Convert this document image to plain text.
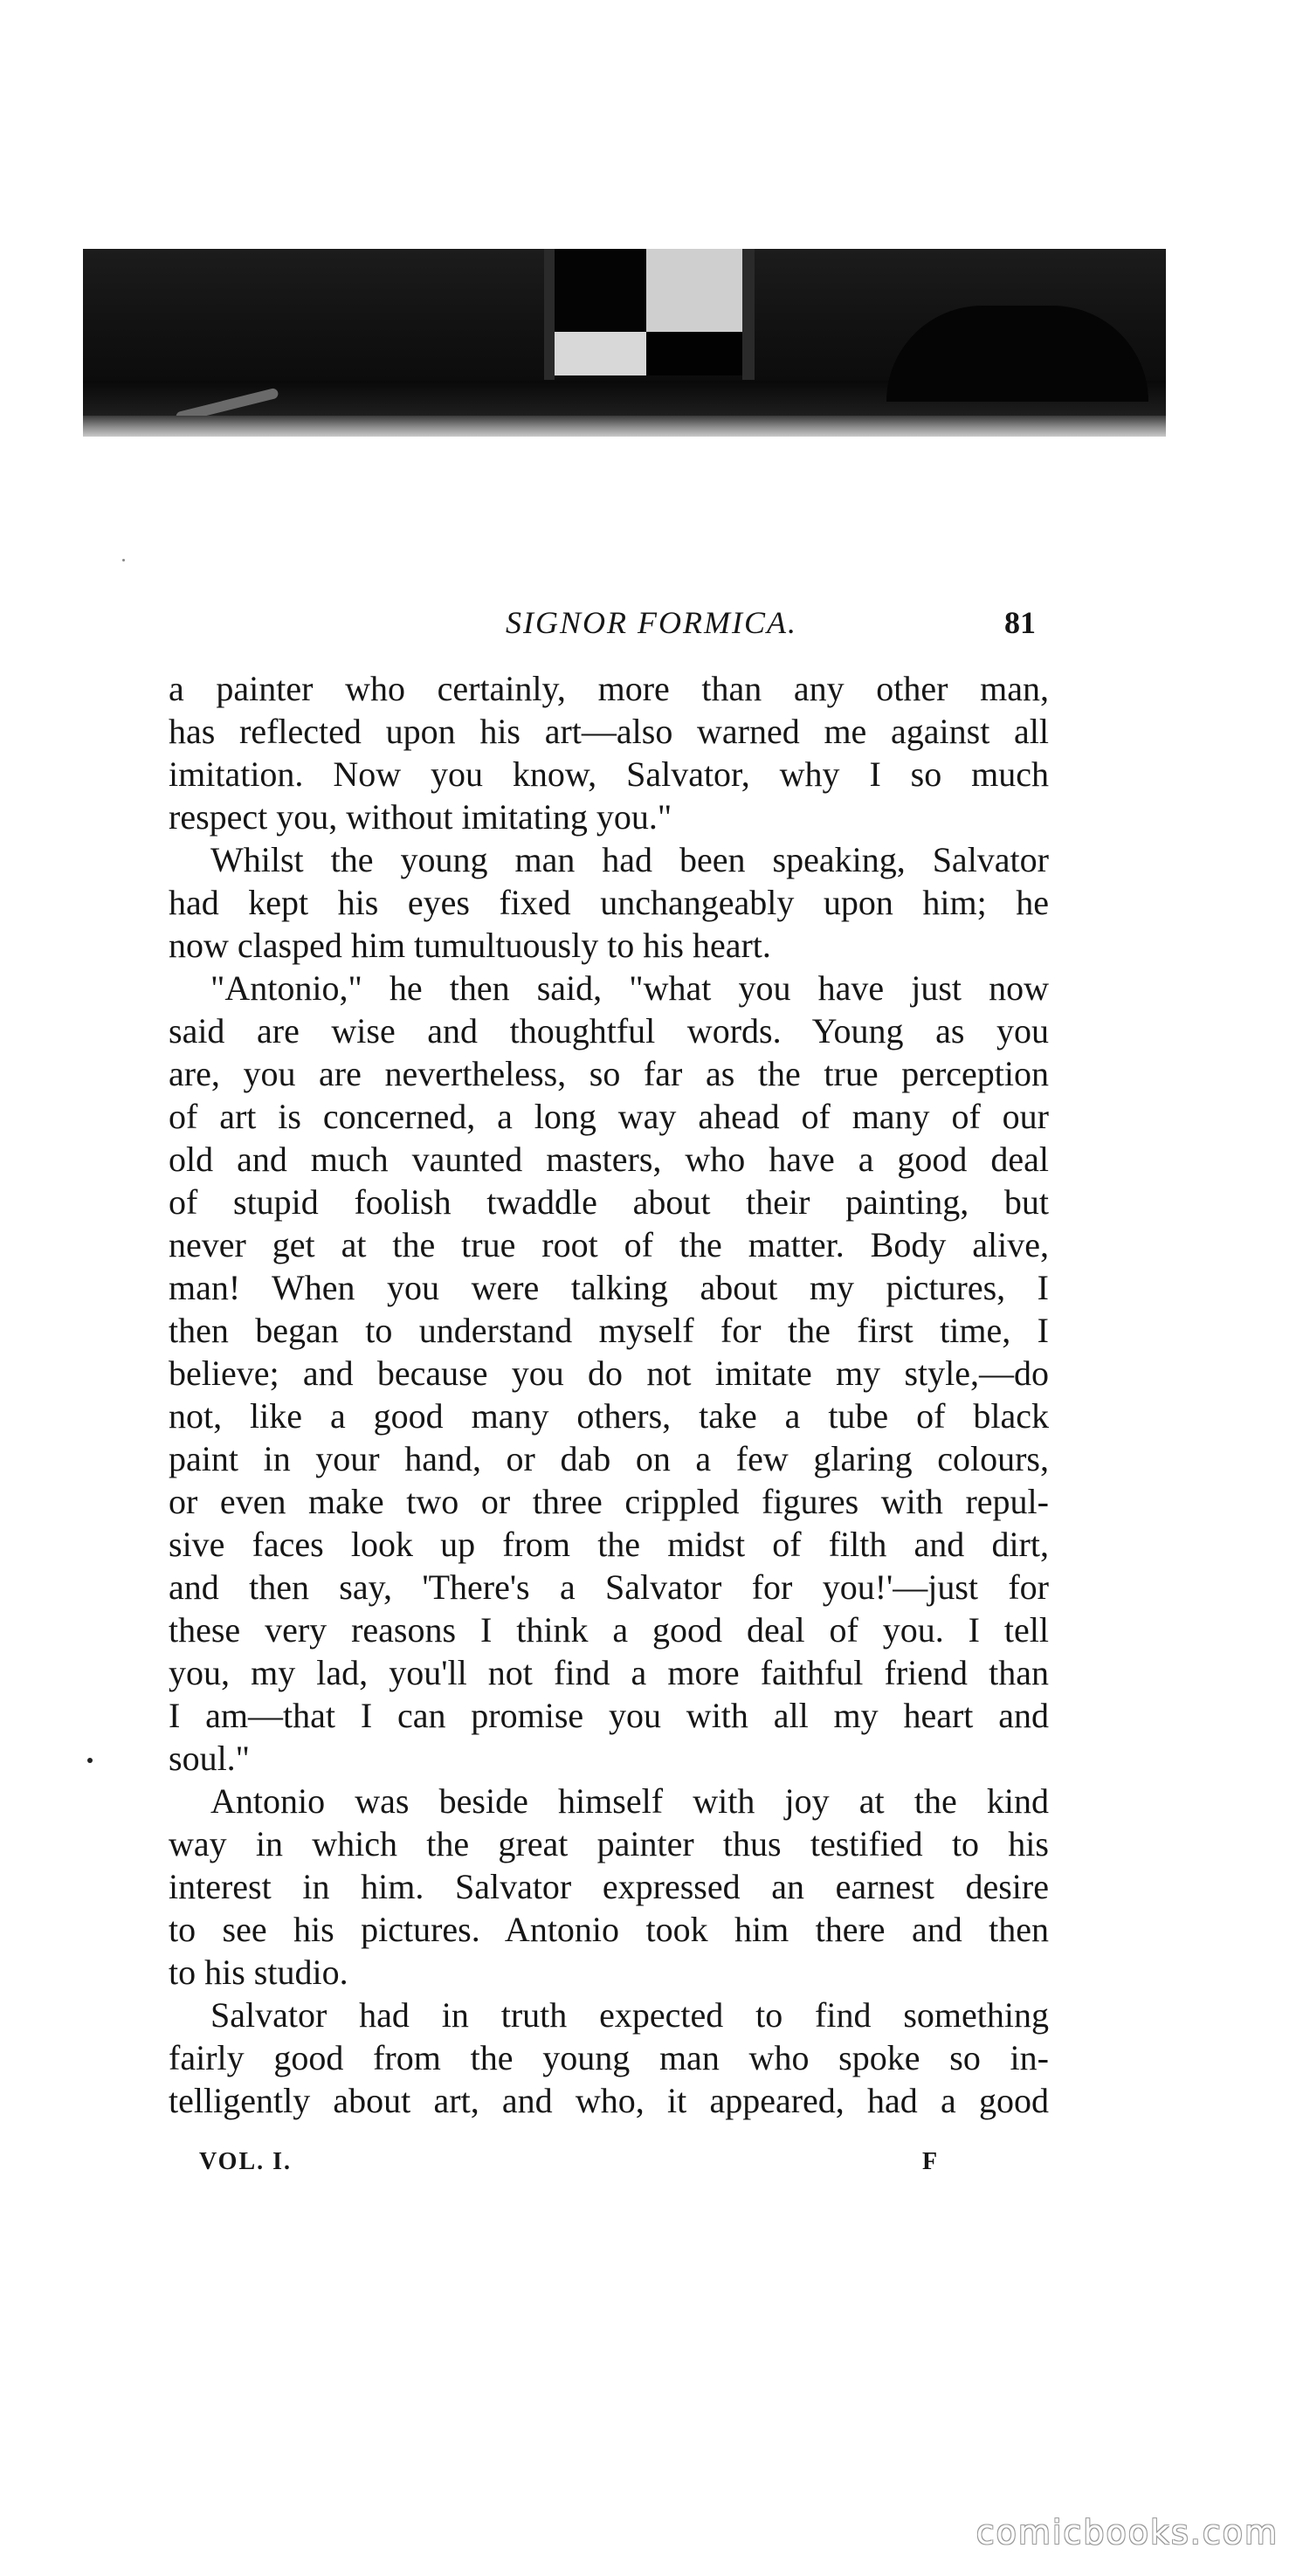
SIGNOR FORMICA.	81
a painter who certainly, more than any other man,
has reflected upon his art—also warned me against all
imitation. Now you know, Salvator, why I so much
respect you, without imitating you."
Whilst the young man had been speaking, Salvator
had kept his eyes fixed unchangeably upon him; he
now clasped him tumultuously to his heart.
"Antonio," he then said, "what you have just now
said are wise and thoughtful words. Young as you
are, you are nevertheless, so far as the true perception
of art is concerned, a long way ahead of many of our
old and much vaunted masters, who have a good deal
of stupid foolish twaddle about their painting, but
never get at the true root of the matter. Body alive,
man! When you were talking about my pictures, I
then began to understand myself for the first time, I
believe; and because you do not imitate my style,—do
not, like a good many others, take a tube of black
paint in your hand, or dab on a few glaring colours,
or even make two or three crippled figures with repul-
sive faces look up from the midst of filth and dirt,
and then say, 'There's a Salvator for you!'—just for
these very reasons I think a good deal of you. I tell
you, my lad, you'll not find a more faithful friend than
I am—that I can promise you with all my heart and
soul."
Antonio was beside himself with joy at the kind
way in which the great painter thus testified to his
interest in him. Salvator expressed an earnest desire
to see his pictures. Antonio took him there and then
to his studio.
Salvator had in truth expected to find something
fairly good from the young man who spoke so in-
telligently about art, and who, it appeared, had a good
VOL. I.	F
comicbooks.com
